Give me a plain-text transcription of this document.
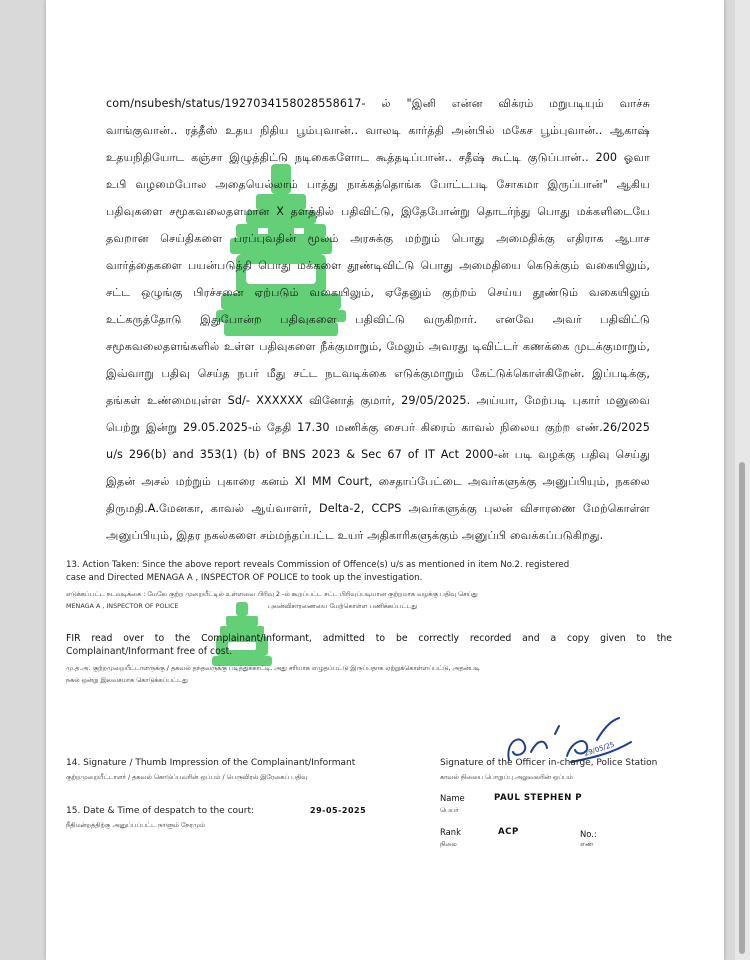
com/nsubesh/status/1927034158028558617- ல் "இனி என்ன விக்ரம் மறுபடியும் வாச்சு
வாங்குவான்.. ரத்தீஸ் உதய நிதிய பூம்புவான்.. வாலடி கார்த்தி அன்பில் மகேச பூம்புவான்.. ஆகாஷ்
உதயநிதியோட கஞ்சா இழுத்திட்டு நடிகைகளோட கூத்தடிப்பான்.. சதீஷ் கூட்டி குடுப்பான்.. 200 ஓவா
உபி வழமைபோல அதையெல்லாம் பாத்து நாக்கத்தொங்க போட்டபடி சோகமா இருப்பான்" ஆகிய
பதிவுகளை சமூகவலைதளமான X தளத்தில் பதிவிட்டு, இதேபோன்று தொடர்ந்து பொது மக்களிடையே
தவறான செய்திகளை பரப்புவதின் மூலம் அரசுக்கு மற்றும் பொது அமைதிக்கு எதிராக ஆபாச
வார்த்தைகளை பயன்படுத்தி பொது மக்களை தூண்டிவிட்டு பொது அமைதியை கெடுக்கும் வகையிலும்,
சட்ட ஒழுங்கு பிரச்சனை ஏற்படும் வகையிலும், ஏதேனும் குற்றம் செய்ய தூண்டும் வகையிலும்
உட்கருத்தோடு இதுபோன்ற பதிவுகளை பதிவிட்டு வருகிறார். எனவே அவர் பதிவிட்டு
சமூகவலைதளங்களில் உள்ள பதிவுகளை நீக்குமாறும், மேலும் அவரது டிவிட்டர் கணக்கை முடக்குமாறும்,
இவ்வாறு பதிவு செய்த நபர் மீது சட்ட நடவடிக்கை எடுக்குமாறும் கேட்டுக்கொள்கிறேன். இப்படிக்கு,
தங்கள் உண்மையுள்ள Sd/- XXXXXX வினோத் குமார், 29/05/2025. அய்யா, மேற்படி புகார் மனுவை
பெற்று இன்று 29.05.2025-ம் தேதி 17.30 மணிக்கு சைபர் கிரைம் காவல் நிலைய குற்ற எண்.26/2025
u/s 296(b) and 353(1) (b) of BNS 2023 & Sec 67 of IT Act 2000-ன் படி வழக்கு பதிவு செய்து
இதன் அசல் மற்றும் புகாரை கனம் XI MM Court, சைதாப்பேட்டை அவர்களுக்கு அனுப்பியும், நகலை
திருமதி.A.மேனகா, காவல் ஆய்வாளர், Delta-2, CCPS அவர்களுக்கு புலன் விசாரணை மேற்கொள்ள
அனுப்பியும், இதர நகல்களை சம்மந்தப்பட்ட உயர் அதிகாரிகளுக்கும் அனுப்பி வைக்கப்படுகிறது.
13. Action Taken: Since the above report reveals Commission of Offence(s) u/s as mentioned in item No.2. registered
case and Directed MENAGA A , INSPECTOR OF POLICE to took up the investigation.
எடுக்கப்பட்ட நடவடிக்கை : மேலே குற்ற முறையீட்டில் உள்ளவை பிரிவு 2 -ல் கூறப்பட்ட சட்ட பிரிவுப்படியான குற்றமாக வழக்கு பதிவு செய்து
MENAGA A , INSPECTOR OF POLICE	புலன்விசாரணையை மேற்கொள்ள பணிக்கப்பட்டது
FIR read over to the Complainant/Informant, admitted to be correctly recorded and a copy given to the
Complainant/Informant free of cost.
மு.த.அ. குற்றமுறையீட்டாளருக்கு / தகவல் தந்தவருக்கு படித்துக்காட்டி, அது சரியாக எழுதப்பட்டு இருப்பதாக ஏற்றுக்கொள்ளப்பட்டு, அதன்படி
நகல் ஒன்று இலவசமாக கொடுக்கப்பட்டது
29/05/25
14. Signature / Thumb Impression of the Complainant/Informant
குற்றமுறையீட்டாளர் / தகவல் கொடுப்பவரின் ஒப்பம் / பெருவிரல் இரேகைப் பதிவு
Signature of the Officer in-charge, Police Station
காவல் நிலைய பொறுப்பு அலுவலரின் ஒப்பம்
Name
பெயர்
PAUL STEPHEN P
Rank
நிலை
ACP	No.:
எண்
15. Date & Time of despatch to the court:	29-05-2025
நீதிமன்றத்திற்கு அனுப்பப்பட்ட நாளும் நேரமும்
